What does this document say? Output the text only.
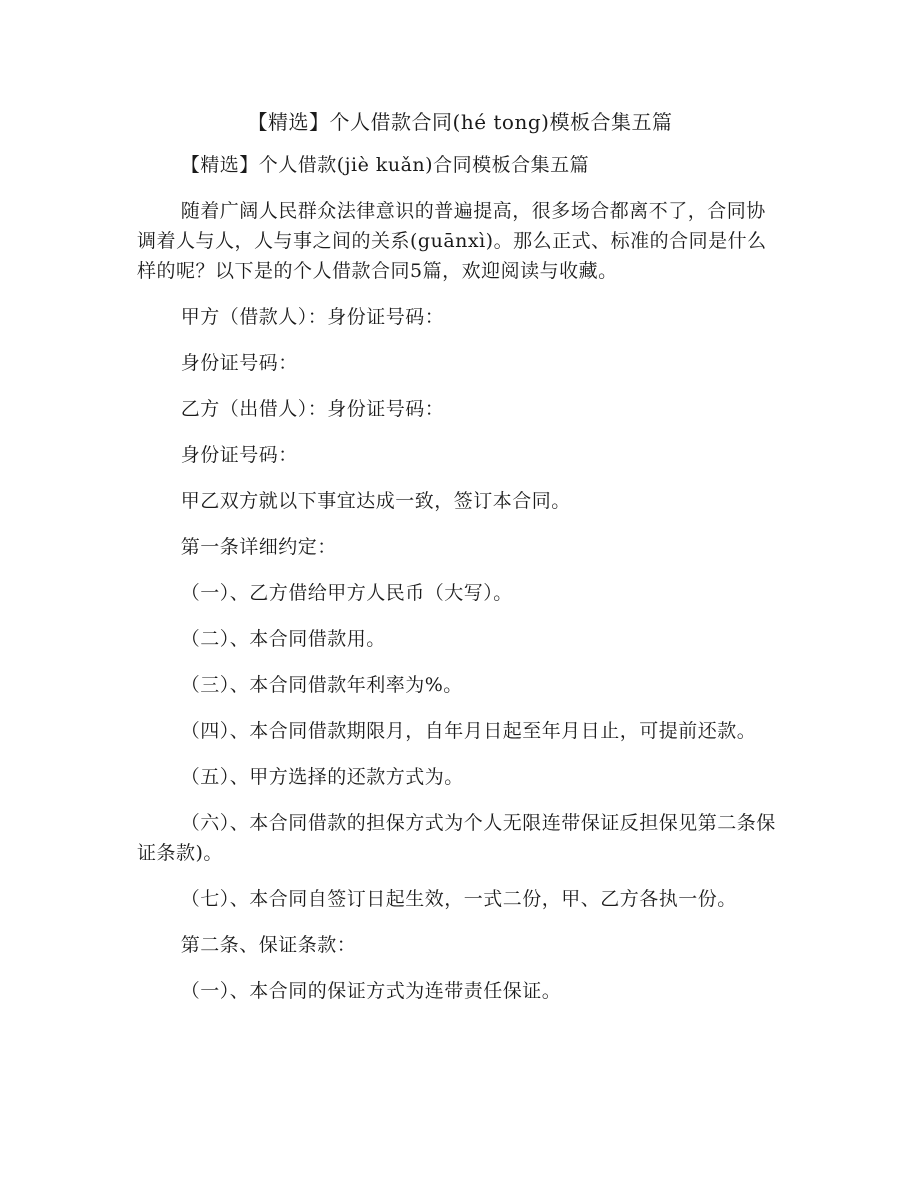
【精选】个人借款合同(hé tong)模板合集五篇

【精选】个人借款(jiè kuǎn)合同模板合集五篇

随着广阔人民群众法律意识的普遍提高，很多场合都离不了，合同协调着人与人，人与事之间的关系(guānxì)。那么正式、标准的合同是什么样的呢？以下是的个人借款合同5篇，欢迎阅读与收藏。

甲方（借款人）：身份证号码：

身份证号码：

乙方（出借人）：身份证号码：

身份证号码：

甲乙双方就以下事宜达成一致，签订本合同。

第一条详细约定：

（一）、乙方借给甲方人民币（大写）。

（二）、本合同借款用。

（三）、本合同借款年利率为%。

（四）、本合同借款期限月，自年月日起至年月日止，可提前还款。

（五）、甲方选择的还款方式为。

（六）、本合同借款的担保方式为个人无限连带保证反担保见第二条保证条款)。

（七）、本合同自签订日起生效，一式二份，甲、乙方各执一份。

第二条、保证条款：

（一）、本合同的保证方式为连带责任保证。
